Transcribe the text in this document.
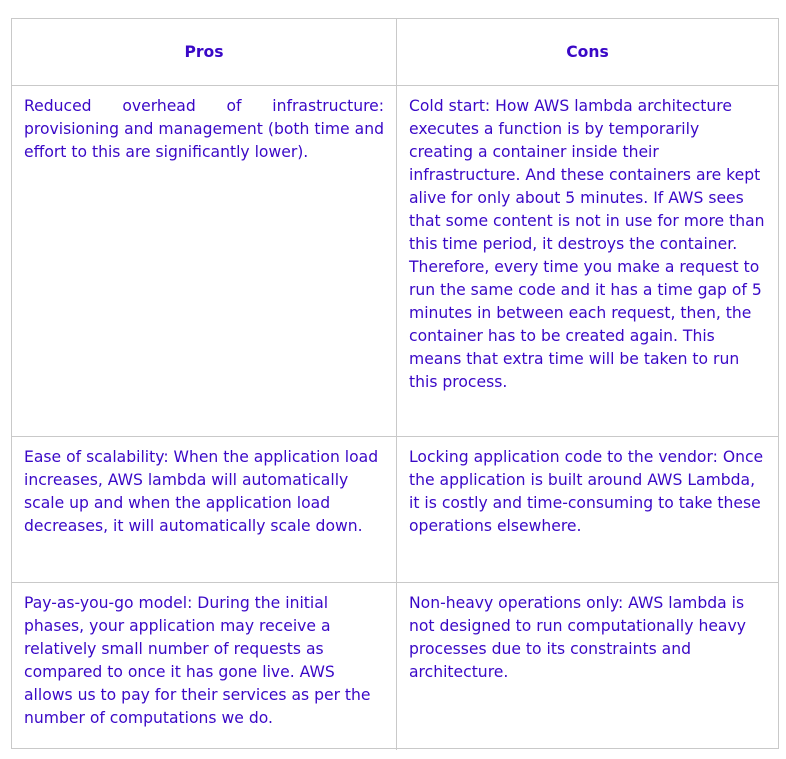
Pros	Cons
Reduced overhead of infrastructure: provisioning and management (both time and effort to this are significantly lower).
Cold start: How AWS lambda architecture executes a function is by temporarily creating a container inside their infrastructure. And these containers are kept alive for only about 5 minutes. If AWS sees that some content is not in use for more than this time period, it destroys the container. Therefore, every time you make a request to run the same code and it has a time gap of 5 minutes in between each request, then, the container has to be created again. This means that extra time will be taken to run this process.
Ease of scalability: When the application load increases, AWS lambda will automatically scale up and when the application load decreases, it will automatically scale down.
Locking application code to the vendor: Once the application is built around AWS Lambda, it is costly and time-consuming to take these operations elsewhere.
Pay-as-you-go model: During the initial phases, your application may receive a relatively small number of requests as compared to once it has gone live. AWS allows us to pay for their services as per the number of computations we do.
Non-heavy operations only: AWS lambda is not designed to run computationally heavy processes due to its constraints and architecture.
